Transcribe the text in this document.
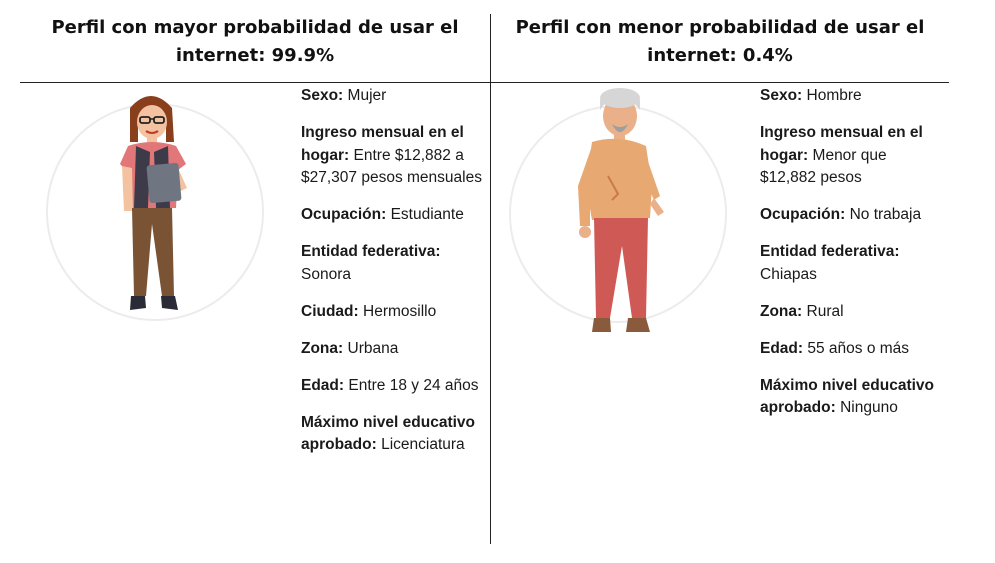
Perfil con mayor probabilidad de usar el internet: 99.9%
Perfil con menor probabilidad de usar el internet: 0.4%
Sexo: Mujer
Ingreso mensual en el hogar: Entre $12,882 a $27,307 pesos mensuales
Ocupación: Estudiante
Entidad federativa: Sonora
Ciudad: Hermosillo
Zona: Urbana
Edad: Entre 18 y 24 años
Máximo nivel educativo aprobado: Licenciatura
Sexo: Hombre
Ingreso mensual en el hogar: Menor que $12,882 pesos
Ocupación: No trabaja
Entidad federativa: Chiapas
Zona: Rural
Edad: 55 años o más
Máximo nivel educativo aprobado: Ninguno
